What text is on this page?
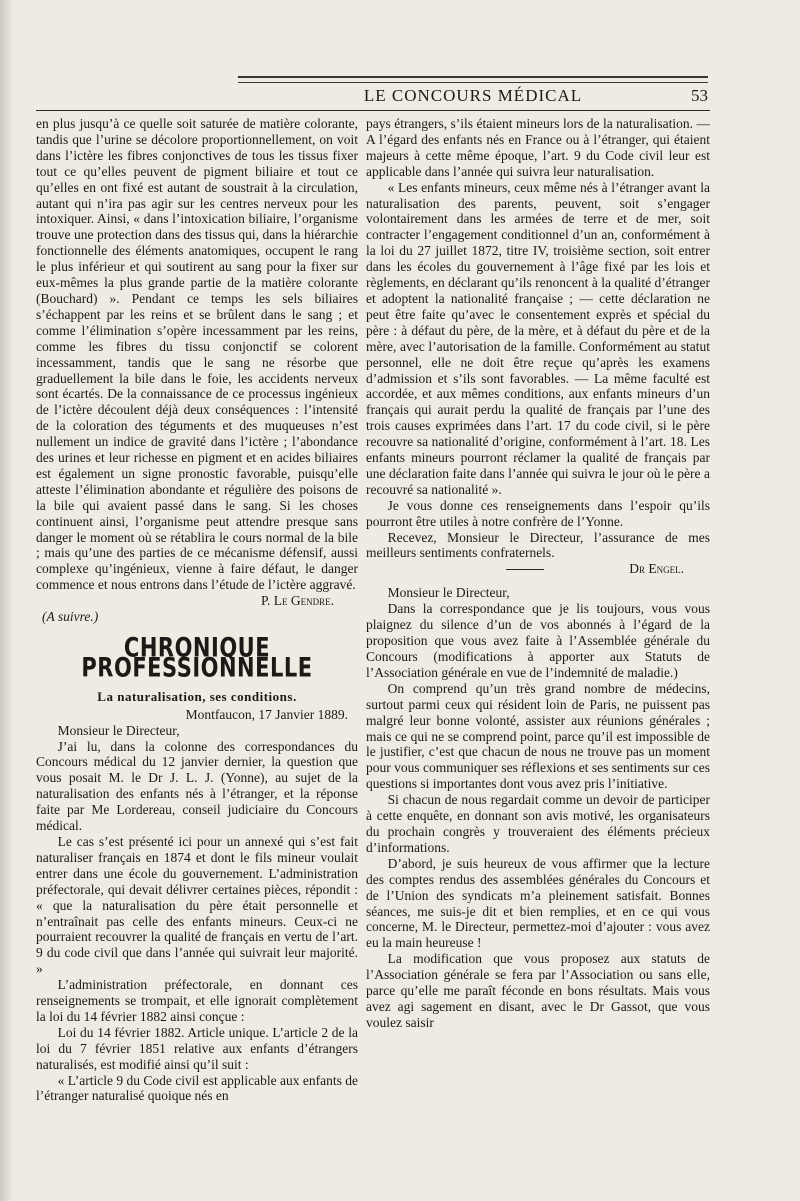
LE CONCOURS MÉDICAL	53

en plus jusqu’à ce quelle soit saturée de matière colorante, tandis que l’urine se décolore proportionnellement, on voit dans l’ictère les fibres conjonctives de tous les tissus fixer tout ce qu’elles peuvent de pigment biliaire et tout ce qu’elles en ont fixé est autant de soustrait à la circulation, autant qui n’ira pas agir sur les centres nerveux pour les intoxiquer. Ainsi, « dans l’intoxication biliaire, l’organisme trouve une protection dans des tissus qui, dans la hiérarchie fonctionnelle des éléments anatomiques, occupent le rang le plus inférieur et qui soutirent au sang pour la fixer sur eux-mêmes la plus grande partie de la matière colorante (Bouchard) ». Pendant ce temps les sels biliaires s’échappent par les reins et se brûlent dans le sang ; et comme l’élimination s’opère incessamment par les reins, comme les fibres du tissu conjonctif se colorent incessamment, tandis que le sang ne résorbe que graduellement la bile dans le foie, les accidents nerveux sont écartés. De la connaissance de ce processus ingénieux de l’ictère découlent déjà deux conséquences : l’intensité de la coloration des téguments et des muqueuses n’est nullement un indice de gravité dans l’ictère ; l’abondance des urines et leur richesse en pigment et en acides biliaires est également un signe pronostic favorable, puisqu’elle atteste l’élimination abondante et régulière des poisons de la bile qui avaient passé dans le sang. Si les choses continuent ainsi, l’organisme peut attendre presque sans danger le moment où se rétablira le cours normal de la bile ; mais qu’une des parties de ce mécanisme défensif, aussi complexe qu’ingénieux, vienne à faire défaut, le danger commence et nous entrons dans l’étude de l’ictère aggravé.

P. Le Gendre.

(A suivre.)

CHRONIQUE PROFESSIONNELLE
La naturalisation, ses conditions.

Montfaucon, 17 Janvier 1889.

Monsieur le Directeur,

J’ai lu, dans la colonne des correspondances du Concours médical du 12 janvier dernier, la question que vous posait M. le Dr J. L. J. (Yonne), au sujet de la naturalisation des enfants nés à l’étranger, et la réponse faite par Me Lordereau, conseil judiciaire du Concours médical.

Le cas s’est présenté ici pour un annexé qui s’est fait naturaliser français en 1874 et dont le fils mineur voulait entrer dans une école du gouvernement. L’administration préfectorale, qui devait délivrer certaines pièces, répondit : « que la naturalisation du père était personnelle et n’entraînait pas celle des enfants mineurs. Ceux-ci ne pourraient recouvrer la qualité de français en vertu de l’art. 9 du code civil que dans l’année qui suivrait leur majorité. »

L’administration préfectorale, en donnant ces renseignements se trompait, et elle ignorait complètement la loi du 14 février 1882 ainsi conçue :

Loi du 14 février 1882. Article unique. L’article 2 de la loi du 7 février 1851 relative aux enfants d’étrangers naturalisés, est modifié ainsi qu’il suit :

« L’article 9 du Code civil est applicable aux enfants de l’étranger naturalisé quoique nés en

pays étrangers, s’ils étaient mineurs lors de la naturalisation. — A l’égard des enfants nés en France ou à l’étranger, qui étaient majeurs à cette même époque, l’art. 9 du Code civil leur est applicable dans l’année qui suivra leur naturalisation.

« Les enfants mineurs, ceux même nés à l’étranger avant la naturalisation des parents, peuvent, soit s’engager volontairement dans les armées de terre et de mer, soit contracter l’engagement conditionnel d’un an, conformément à la loi du 27 juillet 1872, titre IV, troisième section, soit entrer dans les écoles du gouvernement à l’âge fixé par les lois et règlements, en déclarant qu’ils renoncent à la qualité d’étranger et adoptent la nationalité française ; — cette déclaration ne peut être faite qu’avec le consentement exprès et spécial du père : à défaut du père, de la mère, et à défaut du père et de la mère, avec l’autorisation de la famille. Conformément au statut personnel, elle ne doit être reçue qu’après les examens d’admission et s’ils sont favorables. — La même faculté est accordée, et aux mêmes conditions, aux enfants mineurs d’un français qui aurait perdu la qualité de français par l’une des trois causes exprimées dans l’art. 17 du code civil, si le père recouvre sa nationalité d’origine, conformément à l’art. 18. Les enfants mineurs pourront réclamer la qualité de français par une déclaration faite dans l’année qui suivra le jour où le père a recouvré sa nationalité ».

Je vous donne ces renseignements dans l’espoir qu’ils pourront être utiles à notre confrère de l’Yonne.

Recevez, Monsieur le Directeur, l’assurance de mes meilleurs sentiments confraternels.

Dr Engel.

Monsieur le Directeur,

Dans la correspondance que je lis toujours, vous vous plaignez du silence d’un de vos abonnés à l’égard de la proposition que vous avez faite à l’Assemblée générale du Concours (modifications à apporter aux Statuts de l’Association générale en vue de l’indemnité de maladie.)

On comprend qu’un très grand nombre de médecins, surtout parmi ceux qui résident loin de Paris, ne puissent pas malgré leur bonne volonté, assister aux réunions générales ; mais ce qui ne se comprend point, parce qu’il est impossible de le justifier, c’est que chacun de nous ne trouve pas un moment pour vous communiquer ses réflexions et ses sentiments sur ces questions si importantes dont vous avez pris l’initiative.

Si chacun de nous regardait comme un devoir de participer à cette enquête, en donnant son avis motivé, les organisateurs du prochain congrès y trouveraient des éléments précieux d’informations.

D’abord, je suis heureux de vous affirmer que la lecture des comptes rendus des assemblées générales du Concours et de l’Union des syndicats m’a pleinement satisfait. Bonnes séances, me suis-je dit et bien remplies, et en ce qui vous concerne, M. le Directeur, permettez-moi d’ajouter : vous avez eu la main heureuse !

La modification que vous proposez aux statuts de l’Association générale se fera par l’Association ou sans elle, parce qu’elle me paraît féconde en bons résultats. Mais vous avez agi sagement en disant, avec le Dr Gassot, que vous voulez saisir
